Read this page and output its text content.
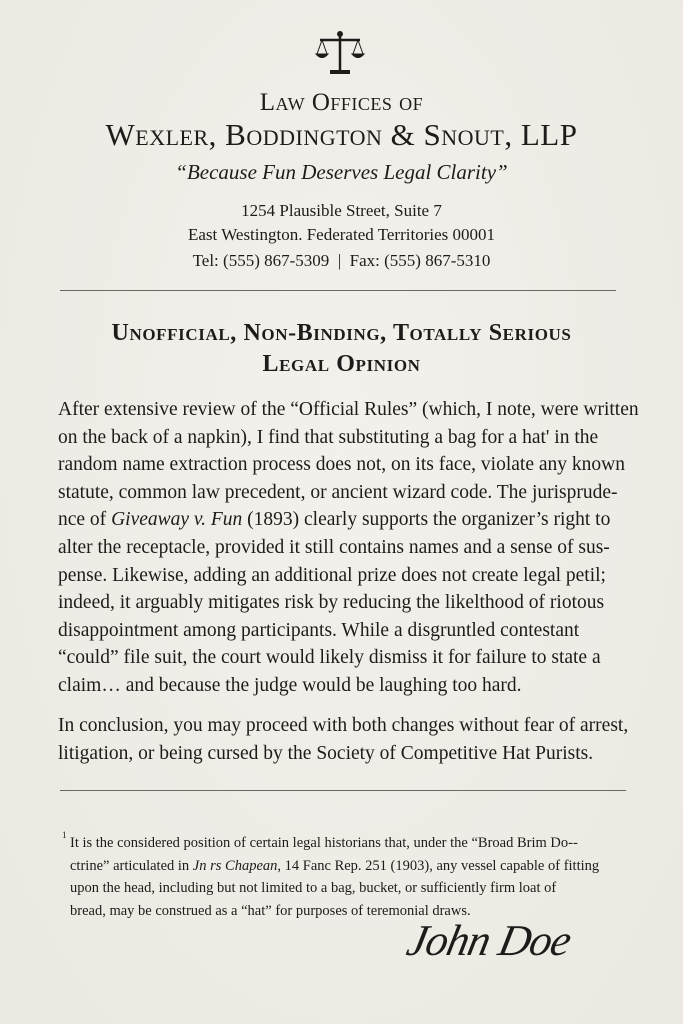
Law Offices of
Wexler, Boddington & Snout, LLP
“Because Fun Deserves Legal Clarity”
1254 Plausible Street, Suite 7
East Westington. Federated Territories 00001
Tel: (555) 867-5309  |  Fax: (555) 867-5310
Unofficial, Non-Binding, Totally Serious
Legal Opinion
After extensive review of the “Official Rules” (which, I note, were written
on the back of a napkin), I find that substituting a bag for a hat' in the
random name extraction process does not, on its face, violate any known
statute, common law precedent, or ancient wizard code. The jurisprude-
nce of Giveaway v. Fun (1893) clearly supports the organizer’s right to
alter the receptacle, provided it still contains names and a sense of sus-
pense. Likewise, adding an additional prize does not create legal petil;
indeed, it arguably mitigates risk by reducing the likelthood of riotous
disappointment among participants. While a disgruntled contestant
“could” file suit, the court would likely dismiss it for failure to state a
claim… and because the judge would be laughing too hard.
In conclusion, you may proceed with both changes without fear of arrest,
litigation, or being cursed by the Society of Competitive Hat Purists.
1 It is the considered position of certain legal historians that, under the “Broad Brim Do--
ctrine” articulated in Jn rs Chapean, 14 Fanc Rep. 251 (1903), any vessel capable of fitting
upon the head, including but not limited to a bag, bucket, or sufficiently firm loat of
bread, may be construed as a “hat” for purposes of teremonial draws.
John Doe
